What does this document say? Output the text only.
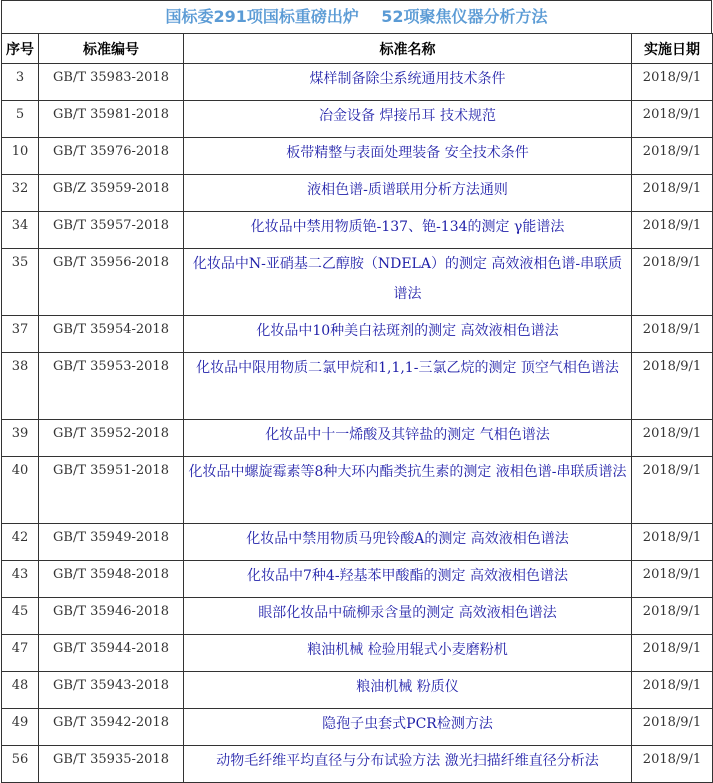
国标委291项国标重磅出炉    52项聚焦仪器分析方法
序号	标准编号	标准名称	实施日期
3	GB/T 35983-2018	煤样制备除尘系统通用技术条件	2018/9/1
5	GB/T 35981-2018	冶金设备 焊接吊耳 技术规范	2018/9/1
10	GB/T 35976-2018	板带精整与表面处理装备 安全技术条件	2018/9/1
32	GB/Z 35959-2018	液相色谱-质谱联用分析方法通则	2018/9/1
34	GB/T 35957-2018	化妆品中禁用物质铯-137、铯-134的测定 γ能谱法	2018/9/1
35	GB/T 35956-2018	化妆品中N-亚硝基二乙醇胺（NDELA）的测定 高效液相色谱-串联质谱法	2018/9/1
37	GB/T 35954-2018	化妆品中10种美白祛斑剂的测定 高效液相色谱法	2018/9/1
38	GB/T 35953-2018	化妆品中限用物质二氯甲烷和1,1,1-三氯乙烷的测定 顶空气相色谱法	2018/9/1
39	GB/T 35952-2018	化妆品中十一烯酸及其锌盐的测定 气相色谱法	2018/9/1
40	GB/T 35951-2018	化妆品中螺旋霉素等8种大环内酯类抗生素的测定 液相色谱-串联质谱法	2018/9/1
42	GB/T 35949-2018	化妆品中禁用物质马兜铃酸A的测定 高效液相色谱法	2018/9/1
43	GB/T 35948-2018	化妆品中7种4-羟基苯甲酸酯的测定 高效液相色谱法	2018/9/1
45	GB/T 35946-2018	眼部化妆品中硫柳汞含量的测定 高效液相色谱法	2018/9/1
47	GB/T 35944-2018	粮油机械 检验用辊式小麦磨粉机	2018/9/1
48	GB/T 35943-2018	粮油机械 粉质仪	2018/9/1
49	GB/T 35942-2018	隐孢子虫套式PCR检测方法	2018/9/1
56	GB/T 35935-2018	动物毛纤维平均直径与分布试验方法 激光扫描纤维直径分析法	2018/9/1
